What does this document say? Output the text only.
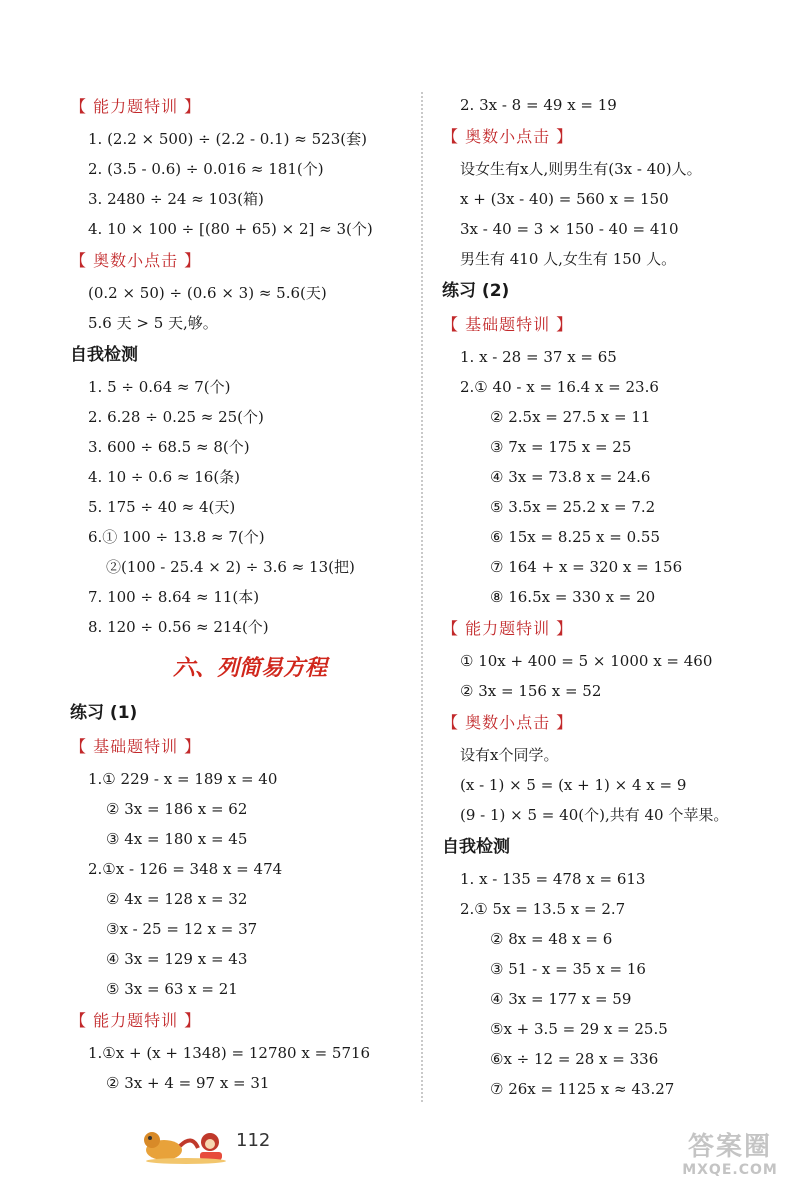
【 能力题特训 】
1. (2.2 × 500) ÷ (2.2 - 0.1) ≈ 523(套)
2. (3.5 - 0.6) ÷ 0.016 ≈ 181(个)
3. 2480 ÷ 24 ≈ 103(箱)
4. 10 × 100 ÷ [(80 + 65) × 2] ≈ 3(个)
【 奥数小点击 】
(0.2 × 50) ÷ (0.6 × 3) ≈ 5.6(天)
5.6 天 > 5 天,够。
自我检测
1. 5 ÷ 0.64 ≈ 7(个)
2. 6.28 ÷ 0.25 ≈ 25(个)
3. 600 ÷ 68.5 ≈ 8(个)
4. 10 ÷ 0.6 ≈ 16(条)
5. 175 ÷ 40 ≈ 4(天)
6.① 100 ÷ 13.8 ≈ 7(个)
②(100 - 25.4 × 2) ÷ 3.6 ≈ 13(把)
7. 100 ÷ 8.64 ≈ 11(本)
8. 120 ÷ 0.56 ≈ 214(个)
六、列简易方程
练习 (1)
【 基础题特训 】
1.① 229 - x = 189 x = 40
② 3x = 186 x = 62
③ 4x = 180 x = 45
2.①x - 126 = 348 x = 474
② 4x = 128 x = 32
③x - 25 = 12 x = 37
④ 3x = 129 x = 43
⑤ 3x = 63 x = 21
【 能力题特训 】
1.①x + (x + 1348) = 12780 x = 5716
② 3x + 4 = 97 x = 31
2. 3x - 8 = 49 x = 19
【 奥数小点击 】
设女生有x人,则男生有(3x - 40)人。
x + (3x - 40) = 560 x = 150
3x - 40 = 3 × 150 - 40 = 410
男生有 410 人,女生有 150 人。
练习 (2)
【 基础题特训 】
1. x - 28 = 37 x = 65
2.① 40 - x = 16.4 x = 23.6
② 2.5x = 27.5 x = 11
③ 7x = 175 x = 25
④ 3x = 73.8 x = 24.6
⑤ 3.5x = 25.2 x = 7.2
⑥ 15x = 8.25 x = 0.55
⑦ 164 + x = 320 x = 156
⑧ 16.5x = 330 x = 20
【 能力题特训 】
① 10x + 400 = 5 × 1000 x = 460
② 3x = 156 x = 52
【 奥数小点击 】
设有x个同学。
(x - 1) × 5 = (x + 1) × 4 x = 9
(9 - 1) × 5 = 40(个),共有 40 个苹果。
自我检测
1. x - 135 = 478 x = 613
2.① 5x = 13.5 x = 2.7
② 8x = 48 x = 6
③ 51 - x = 35 x = 16
④ 3x = 177 x = 59
⑤x + 3.5 = 29 x = 25.5
⑥x ÷ 12 = 28 x = 336
⑦ 26x = 1125 x ≈ 43.27
112	答案圈
MXQE.COM
